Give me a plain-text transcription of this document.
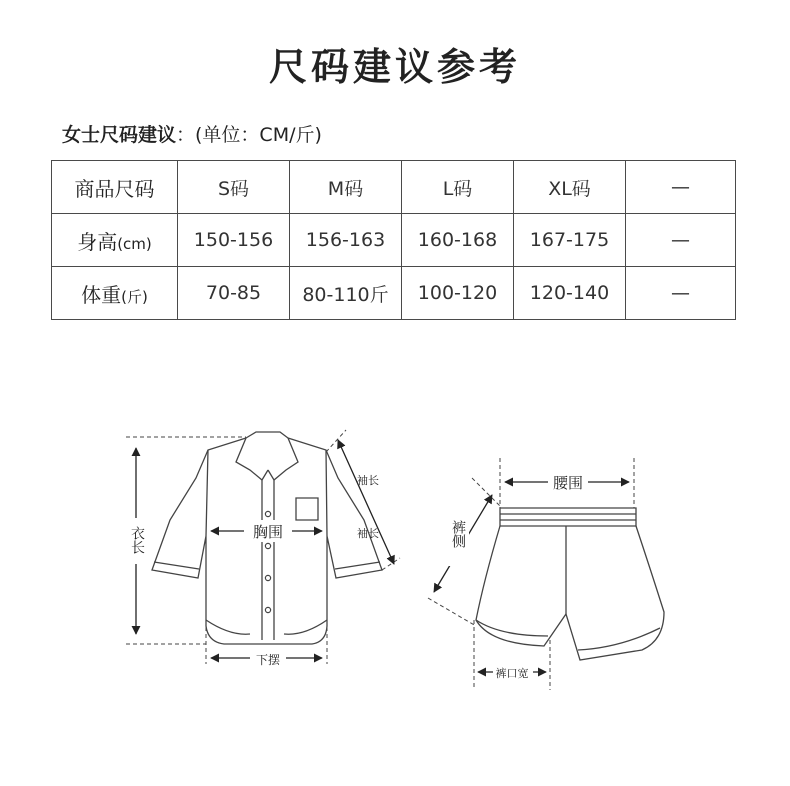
尺码建议参考
女士尺码建议：(单位：CM/斤)
商品尺码	S码	M码	L码	XL码	—
身高(cm)	150-156	156-163	160-168	167-175	—
体重(斤)	70-85	80-110斤	100-120	120-140	—
衣长	胸围
袖长
袖长
下摆
腰围
裤侧
裤口宽
